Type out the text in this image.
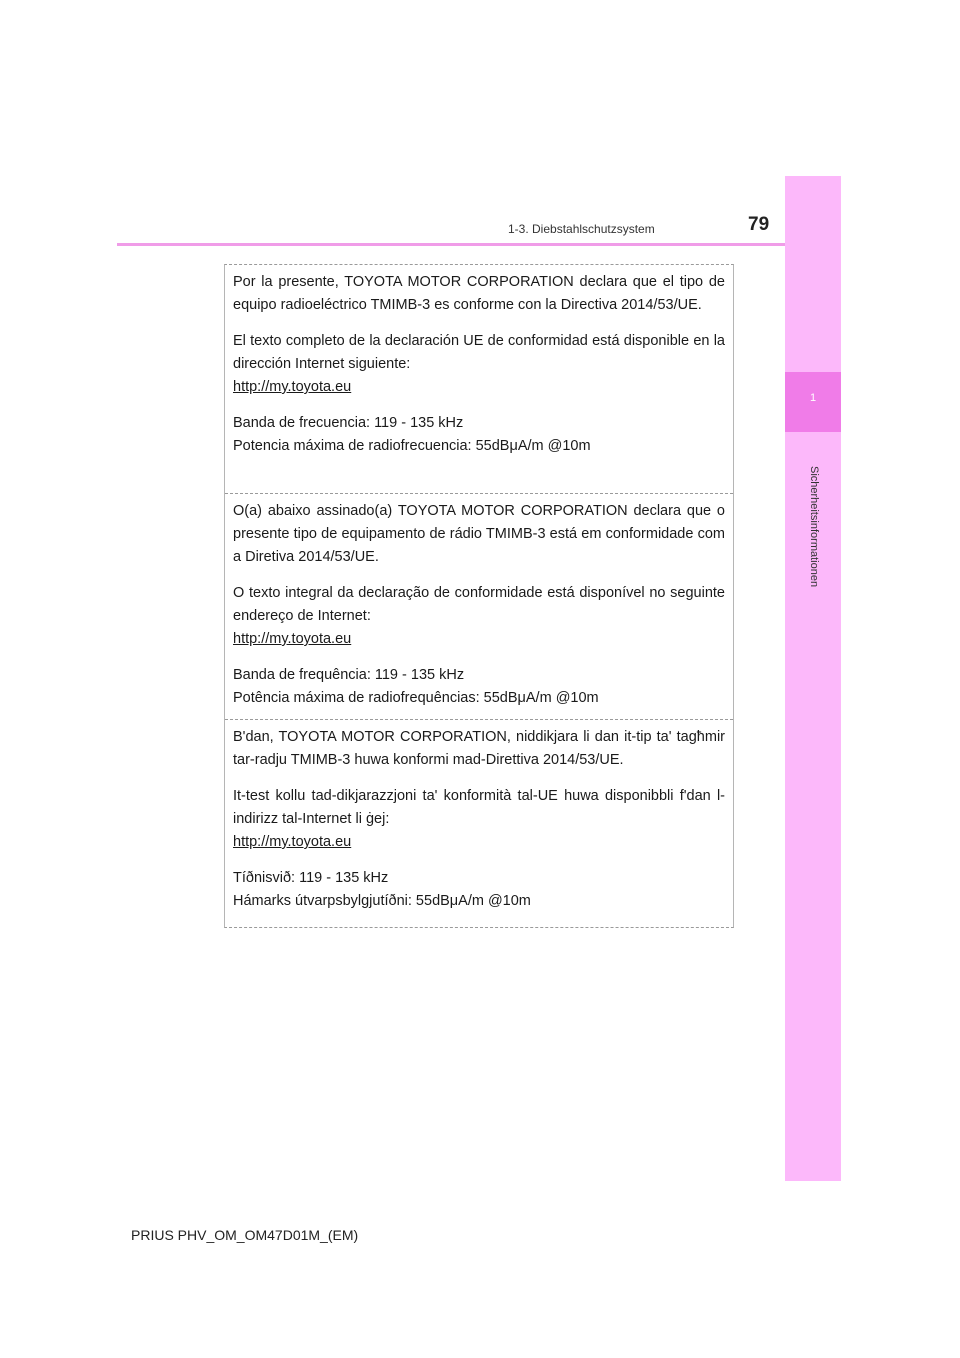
1-3. Diebstahlschutzsystem	79
1
Sicherheitsinformationen

Por la presente, TOYOTA MOTOR CORPORATION declara que el tipo de equipo radioeléctrico TMIMB-3 es conforme con la Directiva 2014/53/UE.

El texto completo de la declaración UE de conformidad está disponible en la dirección Internet siguiente:
http://my.toyota.eu

Banda de frecuencia: 119 - 135 kHz
Potencia máxima de radiofrecuencia: 55dBμA/m @10m

O(a) abaixo assinado(a) TOYOTA MOTOR CORPORATION declara que o presente tipo de equipamento de rádio TMIMB-3 está em conformidade com a Diretiva 2014/53/UE.

O texto integral da declaração de conformidade está disponível no seguinte endereço de Internet:
http://my.toyota.eu

Banda de frequência: 119 - 135 kHz
Potência máxima de radiofrequências: 55dBμA/m @10m

B'dan, TOYOTA MOTOR CORPORATION, niddikjara li dan it-tip ta' tagħmir tar-radju TMIMB-3 huwa konformi mad-Direttiva 2014/53/UE.

It-test kollu tad-dikjarazzjoni ta' konformità tal-UE huwa disponibbli f'dan l-indirizz tal-Internet li ġej:
http://my.toyota.eu

Tíðnisvið: 119 - 135 kHz
Hámarks útvarpsbylgjutíðni: 55dBμA/m @10m

PRIUS PHV_OM_OM47D01M_(EM)
